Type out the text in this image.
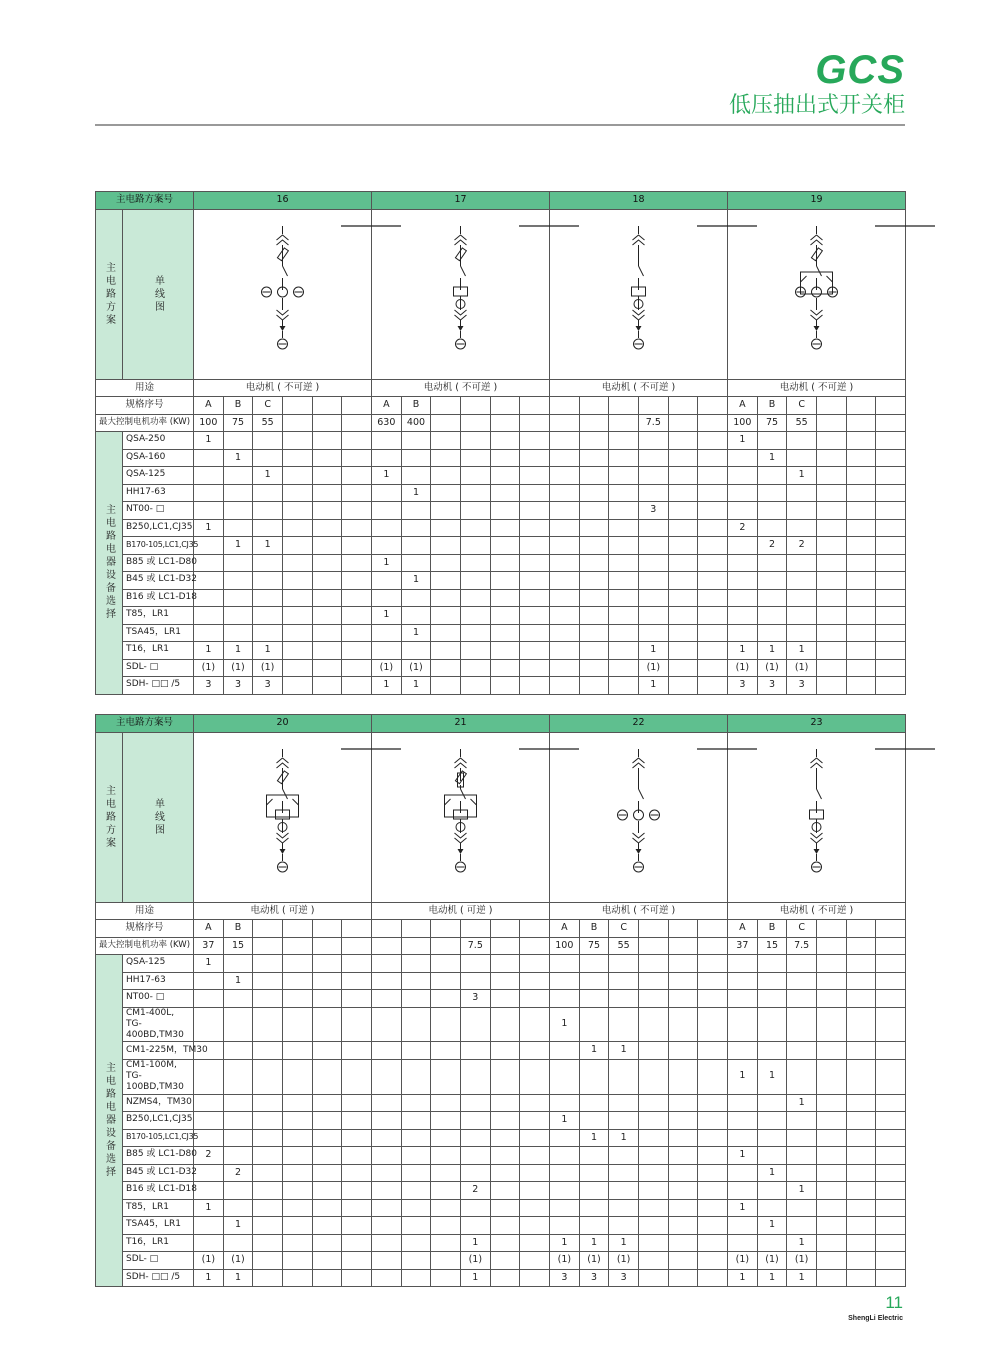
GCS
低压抽出式开关柜
主电路方案号		16						17						18						19					

主电路方案	单线图

用途		电动机 ( 不可逆 )						电动机 ( 不可逆 )						电动机 ( 不可逆 )						电动机 ( 不可逆 )					
规格序号		A	B	C				A	B											A	B	C			
最大控制电机功率 (KW)		100	75	55				630	400								7.5			100	75	55			

主电路电器设备选择	QSA-250	1																		1					
	QSA-160		1																		1				
	QSA-125			1				1														1			
	HH17-63								1																
	NT00- □																3								
	B250,LC1,CJ35	1																		2					
	B170-105,LC1,CJ35		1	1																	2	2			
	B85 或 LC1-D80							1																	
	B45 或 LC1-D32								1																
	B16 或 LC1-D18																								
	T85，LR1							1																	
	TSA45，LR1								1																
	T16，LR1	1	1	1													1			1	1	1			
	SDL- □	(1)	(1)	(1)				(1)	(1)								(1)			(1)	(1)	(1)			
	SDH- □□ /5	3	3	3				1	1								1			3	3	3			
主电路方案号		20						21						22						23					

主电路方案	单线图

用途		电动机 ( 可逆 )						电动机 ( 可逆 )						电动机 ( 不可逆 )						电动机 ( 不可逆 )					
规格序号		A	B											A	B	C				A	B	C			
最大控制电机功率 (KW)		37	15								7.5			100	75	55				37	15	7.5			

主电路电器设备选择	QSA-125	1																							
	HH17-63		1																						
	NT00- □										3														
	CM1-400L,
TG-400BD,TM30													1											
	CM1-225M，TM30														1	1									
	CM1-100M,
TG-100BD,TM30																			1	1				
	NZMS4，TM30																					1			
	B250,LC1,CJ35													1											
	B170-105,LC1,CJ35														1	1									
	B85 或 LC1-D80	2																		1					
	B45 或 LC1-D32		2																		1				
	B16 或 LC1-D18										2											1			
	T85，LR1	1																		1					
	TSA45，LR1		1																		1				
	T16，LR1										1			1	1	1						1			
	SDL- □	(1)	(1)								(1)			(1)	(1)	(1)				(1)	(1)	(1)			
	SDH- □□ /5	1	1								1			3	3	3				1	1	1			
11
ShengLi Electric
